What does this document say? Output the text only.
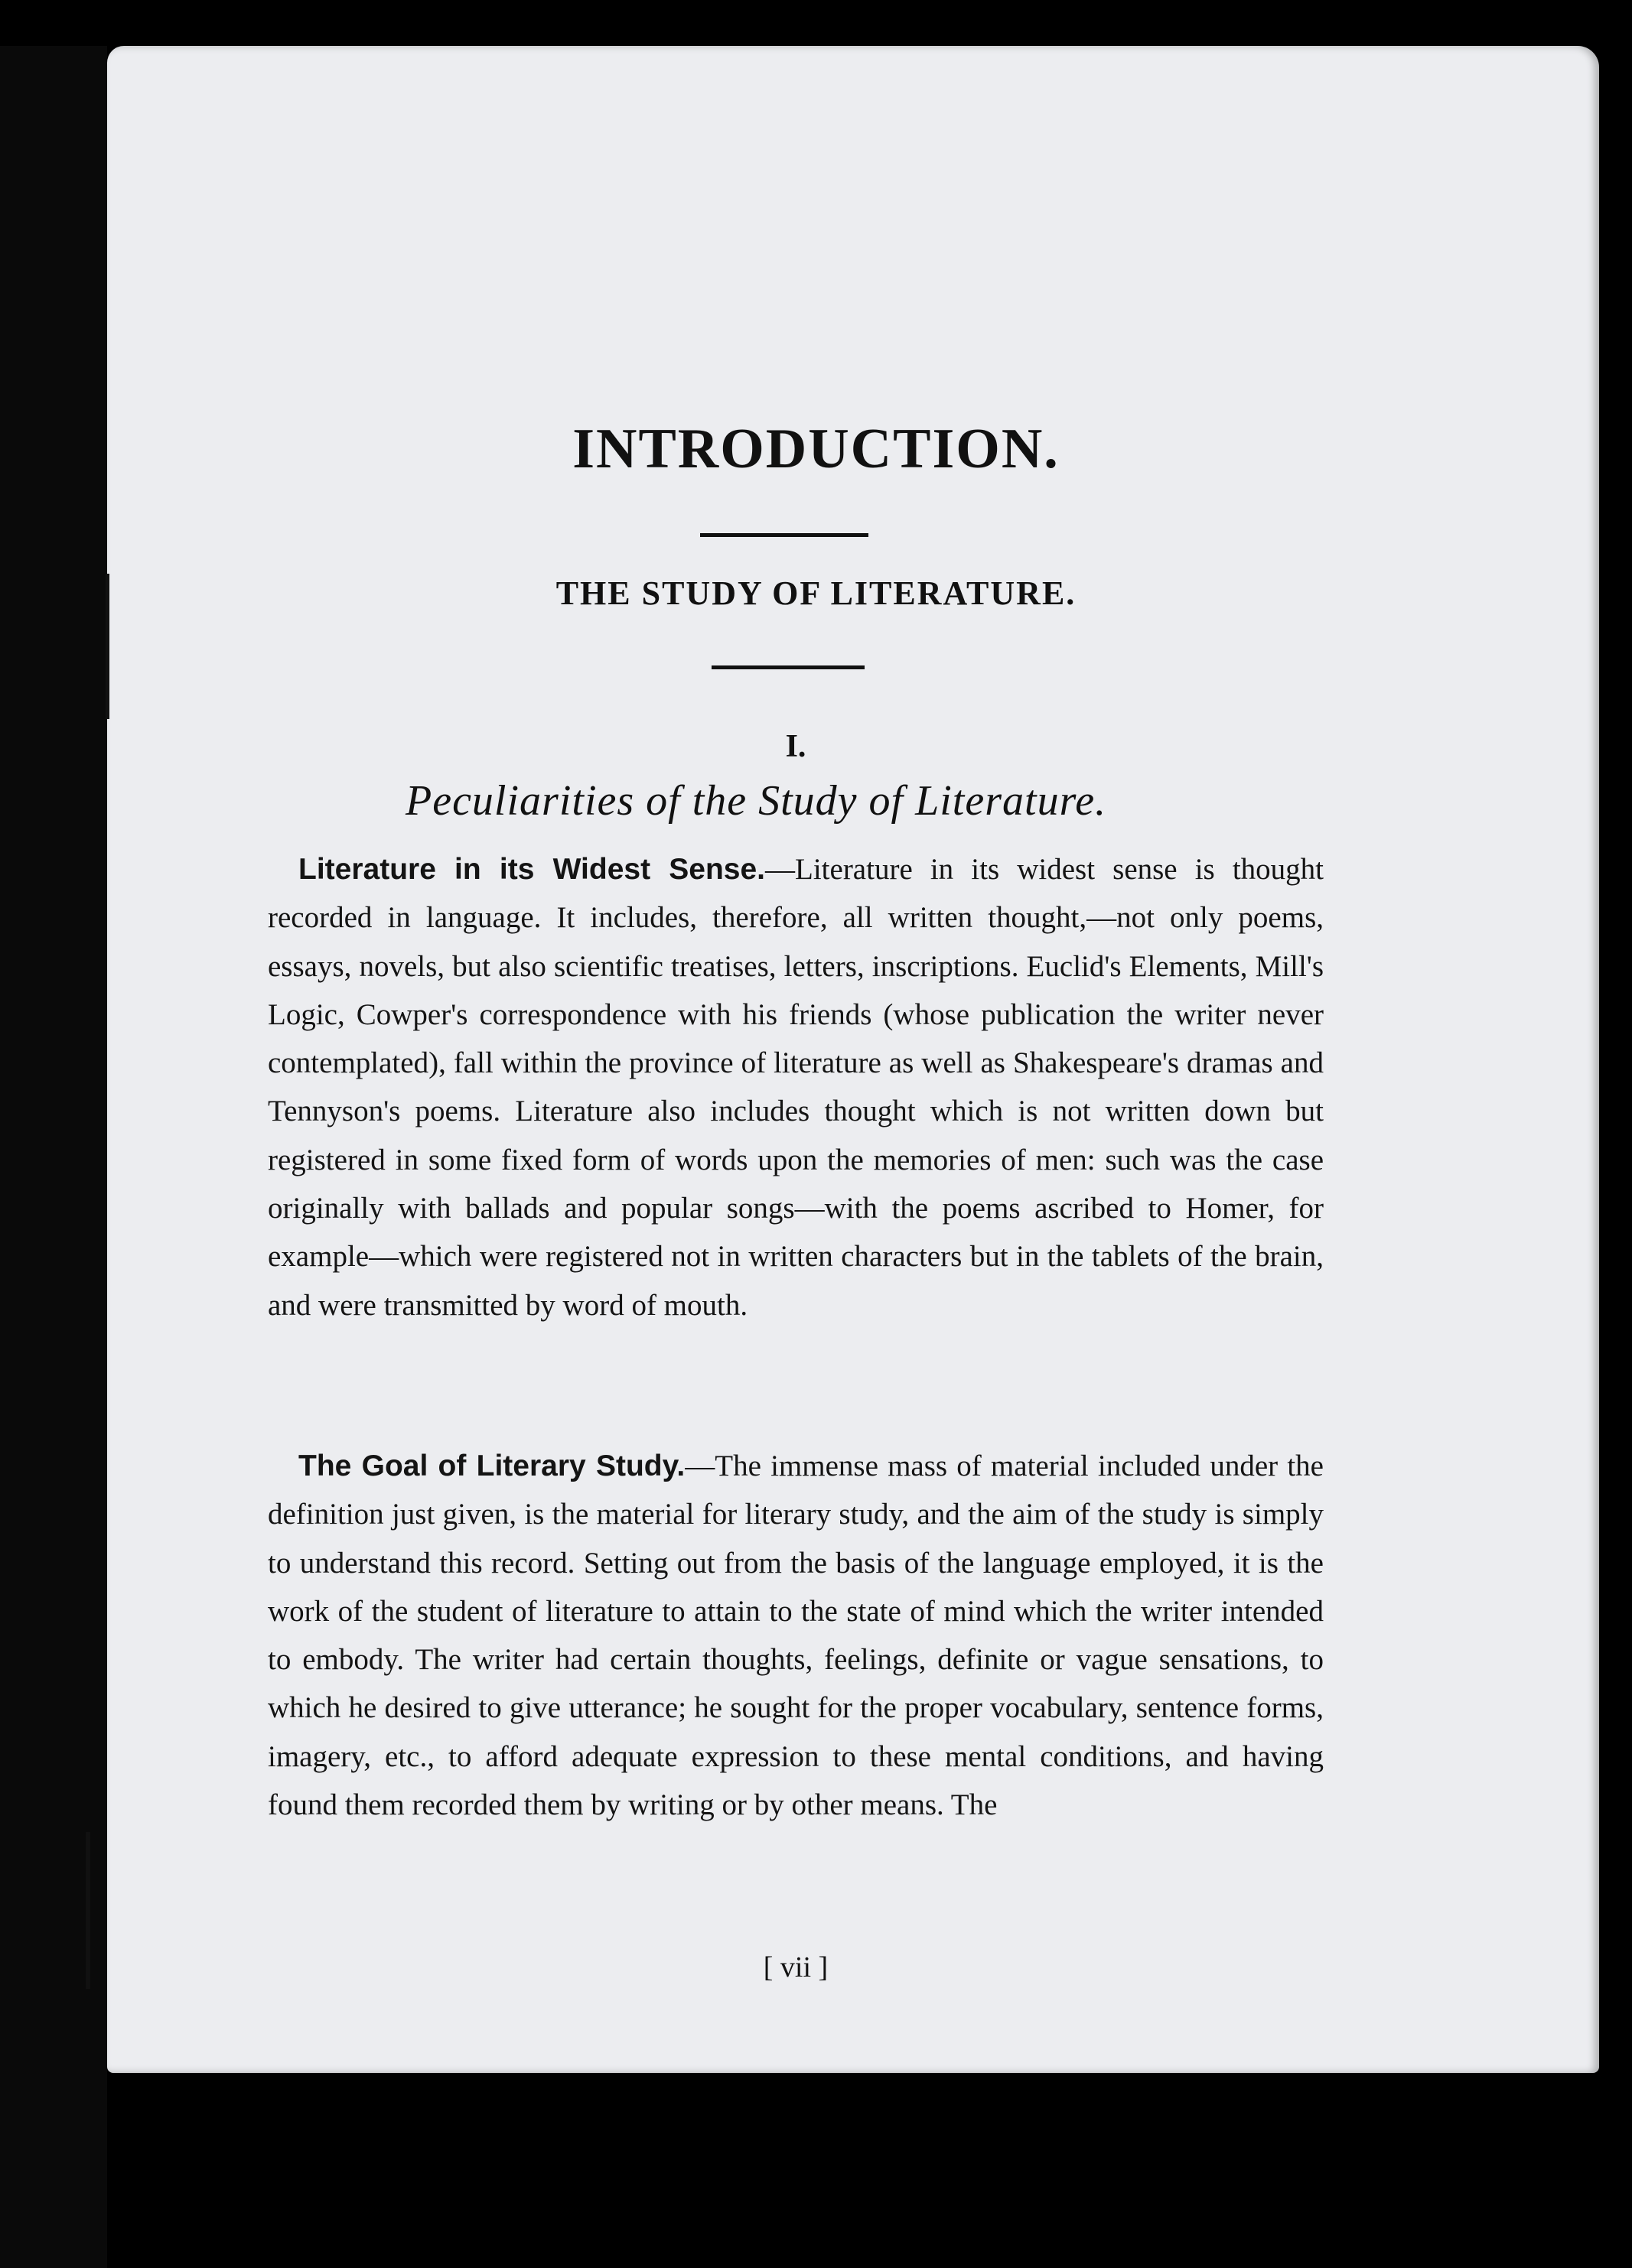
INTRODUCTION.
THE STUDY OF LITERATURE.
I.
Peculiarities of the Study of Literature.
Literature in its Widest Sense.—Literature in its widest sense is thought recorded in language. It includes, therefore, all written thought,—not only poems, essays, novels, but also scientific treatises, letters, inscriptions. Euclid's Elements, Mill's Logic, Cowper's correspondence with his friends (whose publication the writer never contemplated), fall within the province of literature as well as Shakespeare's dramas and Tennyson's poems. Literature also includes thought which is not written down but registered in some fixed form of words upon the memories of men: such was the case originally with ballads and popular songs—with the poems ascribed to Homer, for example—which were registered not in written characters but in the tablets of the brain, and were transmitted by word of mouth.
The Goal of Literary Study.—The immense mass of material included under the definition just given, is the material for literary study, and the aim of the study is simply to understand this record. Setting out from the basis of the language employed, it is the work of the student of literature to attain to the state of mind which the writer intended to embody. The writer had certain thoughts, feelings, definite or vague sensations, to which he desired to give utterance; he sought for the proper vocabulary, sentence forms, imagery, etc., to afford adequate expression to these mental conditions, and having found them recorded them by writing or by other means. The
[ vii ]
